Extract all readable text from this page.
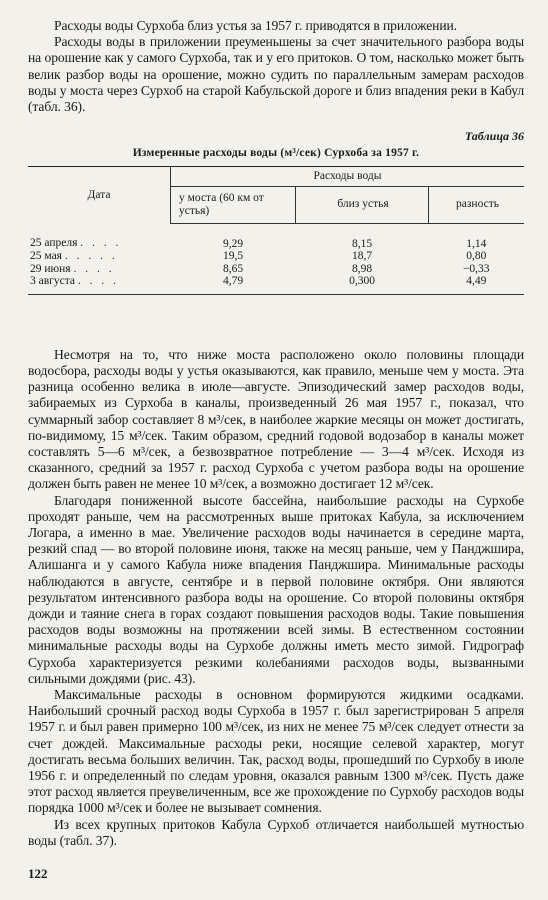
Расходы воды Сурхоба близ устья за 1957 г. приводятся в приложении.

Расходы воды в приложении преуменьшены за счет значительного разбора воды на орошение как у самого Сурхоба, так и у его притоков. О том, насколько может быть велик разбор воды на орошение, можно судить по параллельным замерам расходов воды у моста через Сурхоб на старой Кабульской дороге и близ впадения реки в Кабул (табл. 36).

Таблица 36
Измеренные расходы воды (м³/сек) Сурхоба за 1957 г.
Дата	Расходы воды		
	у моста (60 км от устья)	близ устья	разность
25 апреля . . . .	9,29	8,15	1,14
25 мая . . . . .	19,5	18,7	0,80
29 июня . . . .	8,65	8,98	−0,33
3 августа . . . .	4,79	0,300	4,49

Несмотря на то, что ниже моста расположено около половины площади водосбора, расходы воды у устья оказываются, как правило, меньше чем у моста. Эта разница особенно велика в июле—августе. Эпизодический замер расходов воды, забираемых из Сурхоба в каналы, произведенный 26 мая 1957 г., показал, что суммарный забор составляет 8 м³/сек, в наиболее жаркие месяцы он может достигать, по-видимому, 15 м³/сек. Таким образом, средний годовой водозабор в каналы может составлять 5—6 м³/сек, а безвозвратное потребление — 3—4 м³/сек. Исходя из сказанного, средний за 1957 г. расход Сурхоба с учетом разбора воды на орошение должен быть равен не менее 10 м³/сек, а возможно достигает 12 м³/сек.

Благодаря пониженной высоте бассейна, наибольшие расходы на Сурхобе проходят раньше, чем на рассмотренных выше притоках Кабула, за исключением Логара, а именно в мае. Увеличение расходов воды начинается в середине марта, резкий спад — во второй половине июня, также на месяц раньше, чем у Панджшира, Алишанга и у самого Кабула ниже впадения Панджшира. Минимальные расходы наблюдаются в августе, сентябре и в первой половине октября. Они являются результатом интенсивного разбора воды на орошение. Со второй половины октября дожди и таяние снега в горах создают повышения расходов воды. Такие повышения расходов воды возможны на протяжении всей зимы. В естественном состоянии минимальные расходы воды на Сурхобе должны иметь место зимой. Гидрограф Сурхоба характеризуется резкими колебаниями расходов воды, вызванными сильными дождями (рис. 43).

Максимальные расходы в основном формируются жидкими осадками. Наибольший срочный расход воды Сурхоба в 1957 г. был зарегистрирован 5 апреля 1957 г. и был равен примерно 100 м³/сек, из них не менее 75 м³/сек следует отнести за счет дождей. Максимальные расходы реки, носящие селевой характер, могут достигать весьма больших величин. Так, расход воды, прошедший по Сурхобу в июле 1956 г. и определенный по следам уровня, оказался равным 1300 м³/сек. Пусть даже этот расход является преувеличенным, все же прохождение по Сурхобу расходов воды порядка 1000 м³/сек и более не вызывает сомнения.

Из всех крупных притоков Кабула Сурхоб отличается наибольшей мутностью воды (табл. 37).

122
